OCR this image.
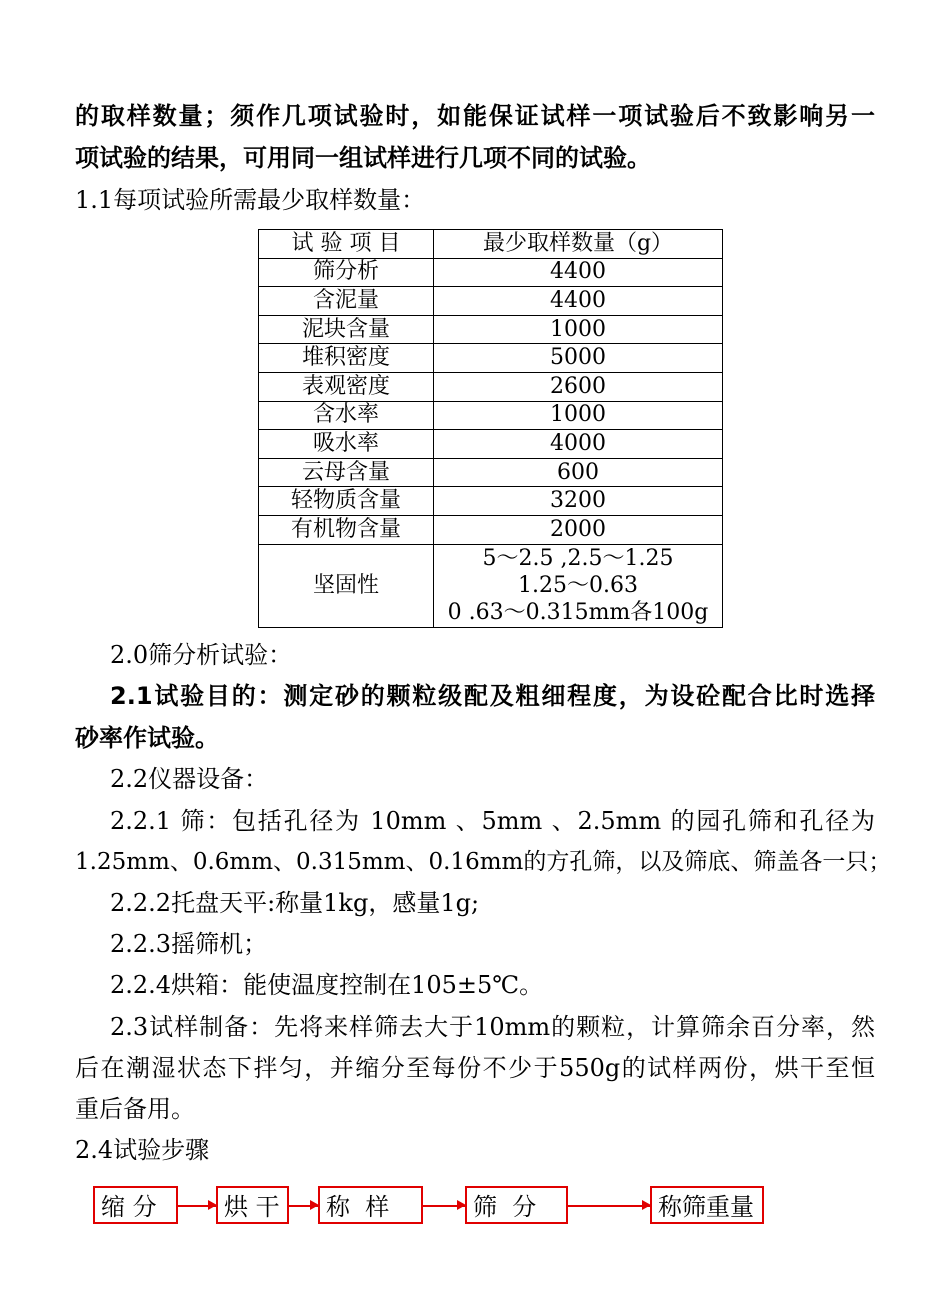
的取样数量；须作几项试验时，如能保证试样一项试验后不致影响另一
项试验的结果，可用同一组试样进行几项不同的试验。
1.1每项试验所需最少取样数量：
试 验 项 目	最少取样数量（g）
筛分析	4400
含泥量	4400
泥块含量	1000
堆积密度	5000
表观密度	2600
含水率	1000
吸水率	4000
云母含量	600
轻物质含量	3200
有机物含量	2000
坚固性	5～2.5 ,2.5～1.25
1.25～0.63
0 .63～0.315mm各100g
2.0筛分析试验：
2.1试验目的：测定砂的颗粒级配及粗细程度，为设砼配合比时选择
砂率作试验。
2.2仪器设备：
2.2.1 筛：包括孔径为 10mm 、5mm 、2.5mm 的园孔筛和孔径为
1.25mm、0.6mm、0.315mm、0.16mm的方孔筛，以及筛底、筛盖各一只；
2.2.2托盘天平:称量1kg，感量1g;
2.2.3摇筛机；
2.2.4烘箱：能使温度控制在105±5℃。
2.3试样制备：先将来样筛去大于10mm的颗粒，计算筛余百分率，然
后在潮湿状态下拌匀，并缩分至每份不少于550g的试样两份，烘干至恒
重后备用。
2.4试验步骤
缩 分	烘 干	称  样	筛  分	称筛重量
